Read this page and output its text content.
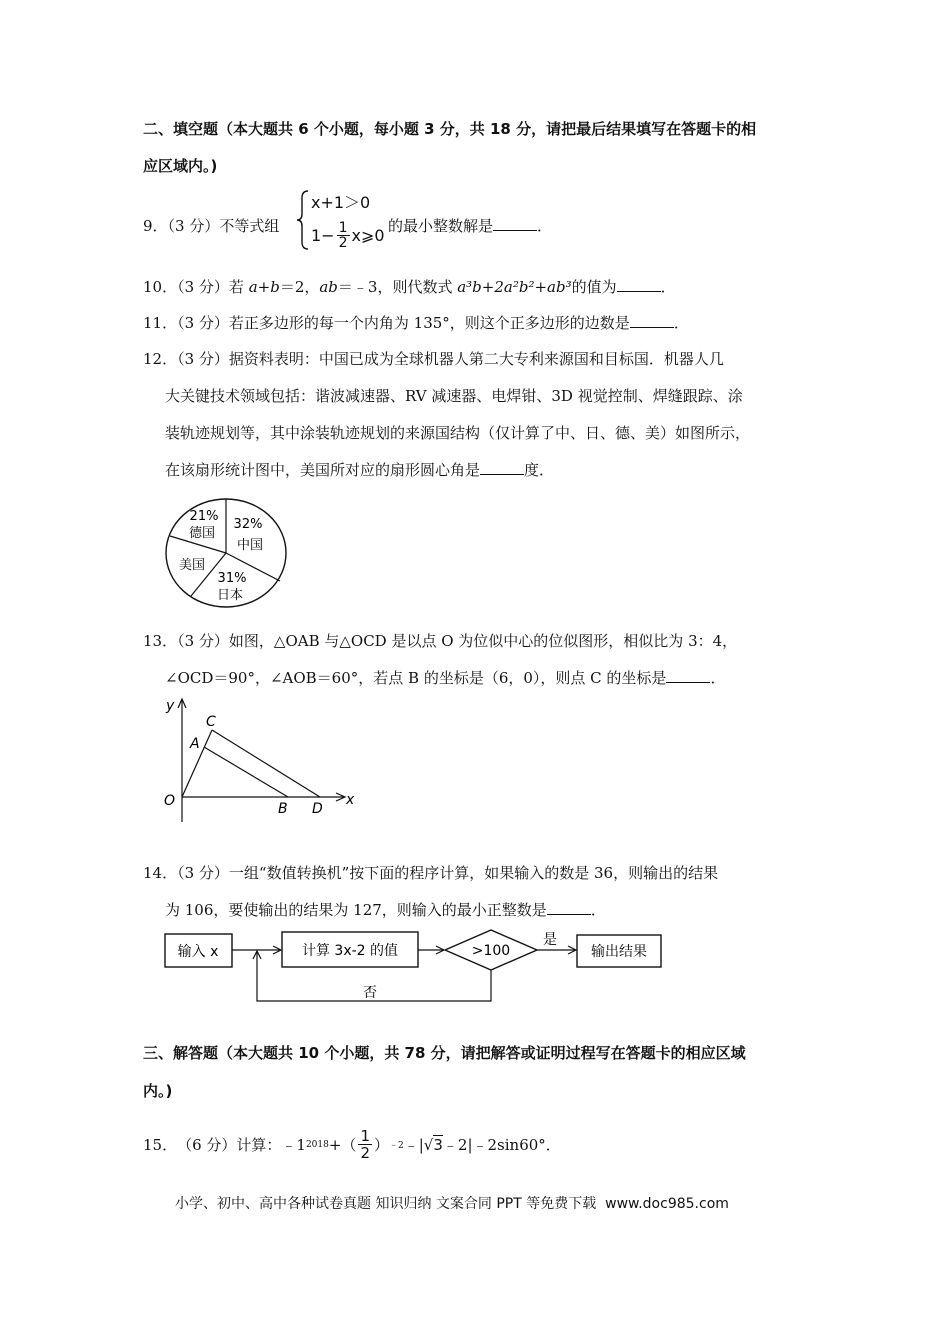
二、填空题（本大题共 6 个小题，每小题 3 分，共 18 分，请把最后结果填写在答题卡的相
应区域内。)
9．（3 分）不等式组
x+1＞0
$1- \frac{1}{2}$ x⩾0 的最小整数解是	．
10．（3 分）若 a+b＝2，ab＝﹣3，则代数式 a³b+2a²b²+ab³的值为	．
11．（3 分）若正多边形的每一个内角为 135°，则这个正多边形的边数是	．
12．（3 分）据资料表明：中国已成为全球机器人第二大专利来源国和目标国．机器人几
大关键技术领域包括：谐波减速器、RV 减速器、电焊钳、3D 视觉控制、焊缝跟踪、涂
装轨迹规划等，其中涂装轨迹规划的来源国结构（仅计算了中、日、德、美）如图所示，
在该扇形统计图中，美国所对应的扇形圆心角是	度．
21%
德国
32%
中国
美国
31%
日本
13．（3 分）如图，△OAB 与△OCD 是以点 O 为位似中心的位似图形，相似比为 3：4，
∠OCD＝90°，∠AOB＝60°，若点 B 的坐标是（6，0），则点 C 的坐标是	．
y
x
O
A
C
B D
14．（3 分）一组“数值转换机”按下面的程序计算，如果输入的数是 36，则输出的结果
为 106，要使输出的结果为 127，则输入的最小正整数是	．
输入 x	计算 3x-2 的值	>100
是
输出结果
否
三、解答题（本大题共 10 个小题，共 78 分，请把解答或证明过程写在答题卡的相应区域
内。)
15． （6 分） 计算：﹣1 2018 +（ $\frac{1}{2}$ ） ﹣2 ﹣| √ 3 ﹣2|﹣2sin60°．
小学、初中、高中各种试卷真题 知识归纳 文案合同 PPT 等免费下载 www.doc985.com
